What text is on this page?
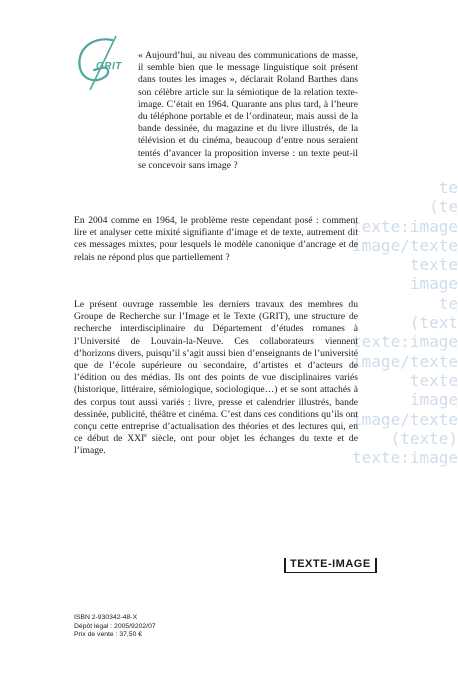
GRIT
te
(te
texte:image
image/texte
texte
image
te
(text
texte:image
image/texte
texte
image
image/texte
(texte)
texte:image

« Aujourd’hui, au niveau des communications de masse, il semble bien que le message linguistique soit présent dans toutes les images », déclarait Roland Barthes dans son célèbre article sur la sémiotique de la relation texte-image. C’était en 1964. Quarante ans plus tard, à l’heure du téléphone portable et de l’ordinateur, mais aussi de la bande dessinée, du magazine et du livre illustrés, de la télévision et du cinéma, beaucoup d’entre nous seraient tentés d’avancer la proposition inverse : un texte peut-il se concevoir sans image ?

En 2004 comme en 1964, le problème reste cependant posé : comment lire et analyser cette mixité signifiante d’image et de texte, autrement dit ces messages mixtes, pour lesquels le modèle canonique d’ancrage et de relais ne répond plus que partiellement ?

Le présent ouvrage rassemble les derniers travaux des membres du Groupe de Recherche sur l’Image et le Texte (GRIT), une structure de recherche interdisciplinaire du Département d’études romanes à l’Université de Louvain-la-Neuve. Ces collaborateurs viennent d’horizons divers, puisqu’il s’agit aussi bien d’enseignants de l’université que de l’école supérieure ou secondaire, d’artistes et d’acteurs de l’édition ou des médias. Ils ont des points de vue disciplinaires variés (historique, littéraire, sémiologique, sociologique…) et se sont attachés à des corpus tout aussi variés : livre, presse et calendrier illustrés, bande dessinée, publicité, théâtre et cinéma. C’est dans ces conditions qu’ils ont conçu cette entreprise d’actualisation des théories et des lectures qui, en ce début de XXIe siècle, ont pour objet les échanges du texte et de l’image.

TEXTE-IMAGE
ISBN 2-930342-48-X
Dépôt légal : 2005/9202/07
Prix de vente : 37,50 €
